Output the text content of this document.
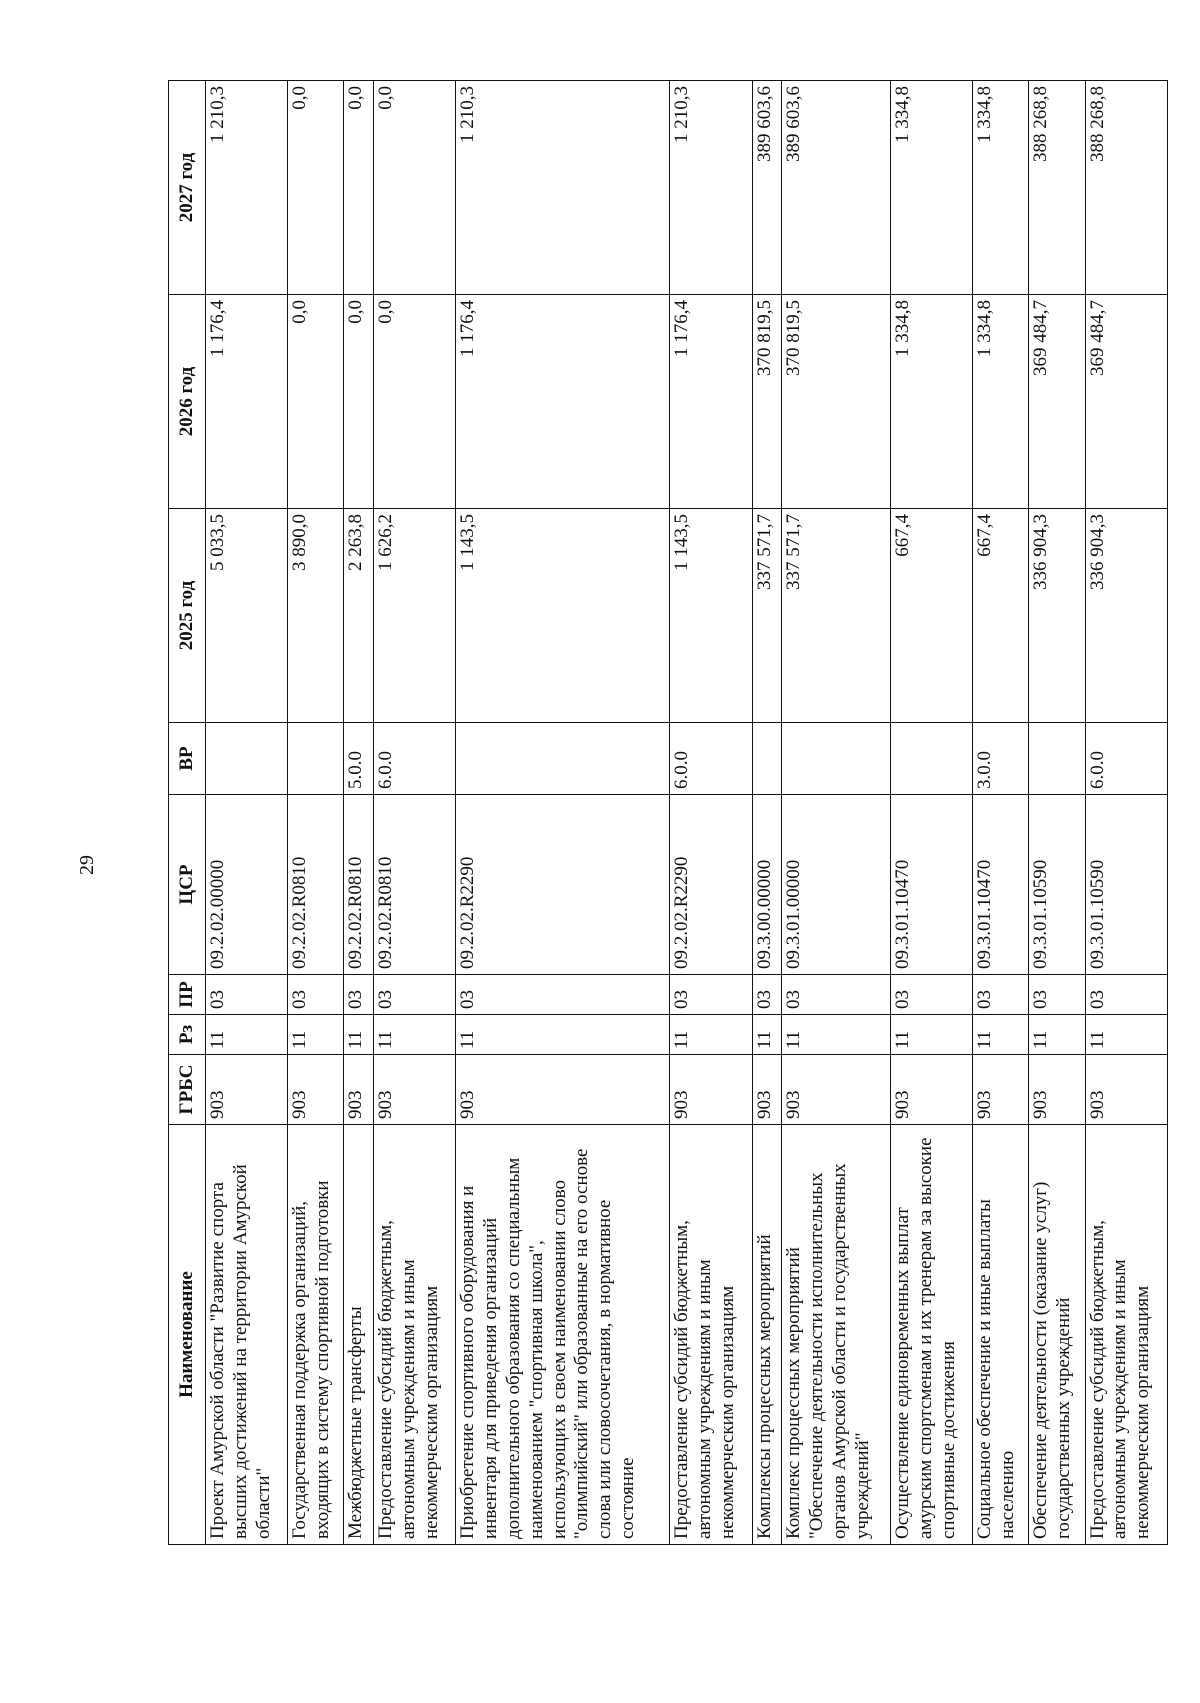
29
Наименование	ГРБС	Рз	ПР	ЦСР	ВР	2025 год	2026 год	2027 год
Проект Амурской области "Развитие спорта высших достижений на территории Амурской области"	903	11	03	09.2.02.00000		5 033,5	1 176,4	1 210,3
Государственная поддержка организаций, входящих в систему спортивной подготовки	903	11	03	09.2.02.R0810		3 890,0	0,0	0,0
Межбюджетные трансферты	903	11	03	09.2.02.R0810	5.0.0	2 263,8	0,0	0,0
Предоставление субсидий бюджетным, автономным учреждениям и иным некоммерческим организациям	903	11	03	09.2.02.R0810	6.0.0	1 626,2	0,0	0,0
Приобретение спортивного оборудования и инвентаря для приведения организаций дополнительного образования со специальным наименованием "спортивная школа", использующих в своем наименовании слово "олимпийский" или образованные на его основе слова или словосочетания, в нормативное состояние	903	11	03	09.2.02.R2290		1 143,5	1 176,4	1 210,3
Предоставление субсидий бюджетным, автономным учреждениям и иным некоммерческим организациям	903	11	03	09.2.02.R2290	6.0.0	1 143,5	1 176,4	1 210,3
Комплексы процессных мероприятий	903	11	03	09.3.00.00000		337 571,7	370 819,5	389 603,6
Комплекс процессных мероприятий "Обеспечение деятельности исполнительных органов Амурской области и государственных учреждений"	903	11	03	09.3.01.00000		337 571,7	370 819,5	389 603,6
Осуществление единовременных выплат амурским спортсменам и их тренерам за высокие спортивные достижения	903	11	03	09.3.01.10470		667,4	1 334,8	1 334,8
Социальное обеспечение и иные выплаты населению	903	11	03	09.3.01.10470	3.0.0	667,4	1 334,8	1 334,8
Обеспечение деятельности (оказание услуг) государственных учреждений	903	11	03	09.3.01.10590		336 904,3	369 484,7	388 268,8
Предоставление субсидий бюджетным, автономным учреждениям и иным некоммерческим организациям	903	11	03	09.3.01.10590	6.0.0	336 904,3	369 484,7	388 268,8
